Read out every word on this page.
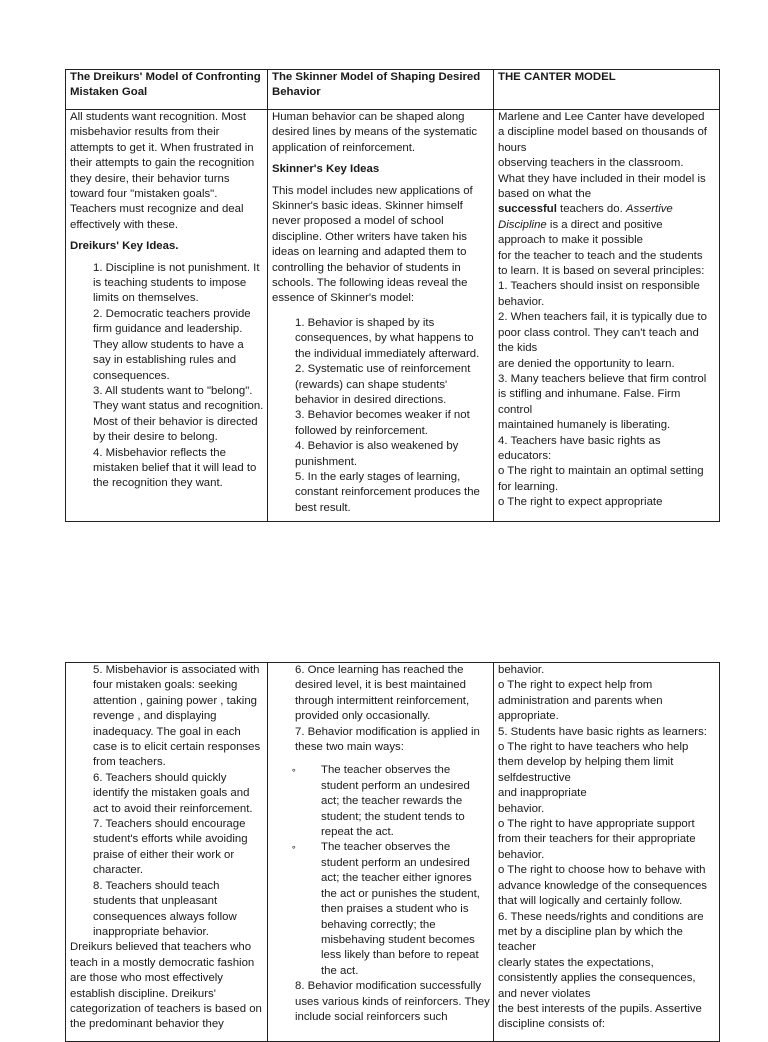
The Dreikurs' Model of Confronting Mistaken Goal

All students want recognition. Most misbehavior results from their attempts to get it. When frustrated in their attempts to gain the recognition they desire, their behavior turns toward four "mistaken goals". Teachers must recognize and deal effectively with these.

Dreikurs' Key Ideas.

1. Discipline is not punishment. It is teaching students to impose limits on themselves.

2. Democratic teachers provide firm guidance and leadership. They allow students to have a say in establishing rules and consequences.

3. All students want to "belong". They want status and recognition. Most of their behavior is directed by their desire to belong.

4. Misbehavior reflects the mistaken belief that it will lead to the recognition they want.

The Skinner Model of Shaping Desired Behavior

Human behavior can be shaped along desired lines by means of the systematic application of reinforcement.

Skinner's Key Ideas

This model includes new applications of Skinner's basic ideas. Skinner himself never proposed a model of school discipline. Other writers have taken his ideas on learning and adapted them to controlling the behavior of students in schools. The following ideas reveal the essence of Skinner's model:

1. Behavior is shaped by its consequences, by what happens to the individual immediately afterward.

2. Systematic use of reinforcement (rewards) can shape students' behavior in desired directions.

3. Behavior becomes weaker if not followed by reinforcement.

4. Behavior is also weakened by punishment.

5. In the early stages of learning, constant reinforcement produces the best result.

THE CANTER MODEL

Marlene and Lee Canter have developed

a discipline model based on thousands of

hours

observing teachers in the classroom.

What they have included in their model is

based on what the

successful teachers do. Assertive

Discipline is a direct and positive

approach to make it possible

for the teacher to teach and the students

to learn. It is based on several principles:

1. Teachers should insist on responsible behavior.

2. When teachers fail, it is typically due to poor class control. They can't teach and the kids

are denied the opportunity to learn.

3. Many teachers believe that firm control is stifling and inhumane. False. Firm control

maintained humanely is liberating.

4. Teachers have basic rights as educators:

o The right to maintain an optimal setting for learning.

o The right to expect appropriate

5. Misbehavior is associated with four mistaken goals: seeking attention , gaining power , taking revenge , and displaying inadequacy. The goal in each case is to elicit certain responses from teachers.

6. Teachers should quickly identify the mistaken goals and act to avoid their reinforcement.

7. Teachers should encourage student's efforts while avoiding praise of either their work or character.

8. Teachers should teach students that unpleasant consequences always follow inappropriate behavior.

Dreikurs believed that teachers who teach in a mostly democratic fashion are those who most effectively establish discipline. Dreikurs' categorization of teachers is based on the predominant behavior they

6. Once learning has reached the desired level, it is best maintained through intermittent reinforcement, provided only occasionally.

7. Behavior modification is applied in these two main ways:

∘ The teacher observes the student perform an undesired act; the teacher rewards the student; the student tends to repeat the act.

∘ The teacher observes the student perform an undesired act; the teacher either ignores the act or punishes the student, then praises a student who is behaving correctly; the misbehaving student becomes less likely than before to repeat the act.

8. Behavior modification successfully uses various kinds of reinforcers. They include social reinforcers such

behavior.

o The right to expect help from administration and parents when appropriate.

5. Students have basic rights as learners:

o The right to have teachers who help them develop by helping them limit

selfdestructive

and inappropriate

behavior.

o The right to have appropriate support from their teachers for their appropriate behavior.

o The right to choose how to behave with advance knowledge of the consequences that will logically and certainly follow.

6. These needs/rights and conditions are met by a discipline plan by which the teacher

clearly states the expectations, consistently applies the consequences, and never violates

the best interests of the pupils. Assertive discipline consists of:
